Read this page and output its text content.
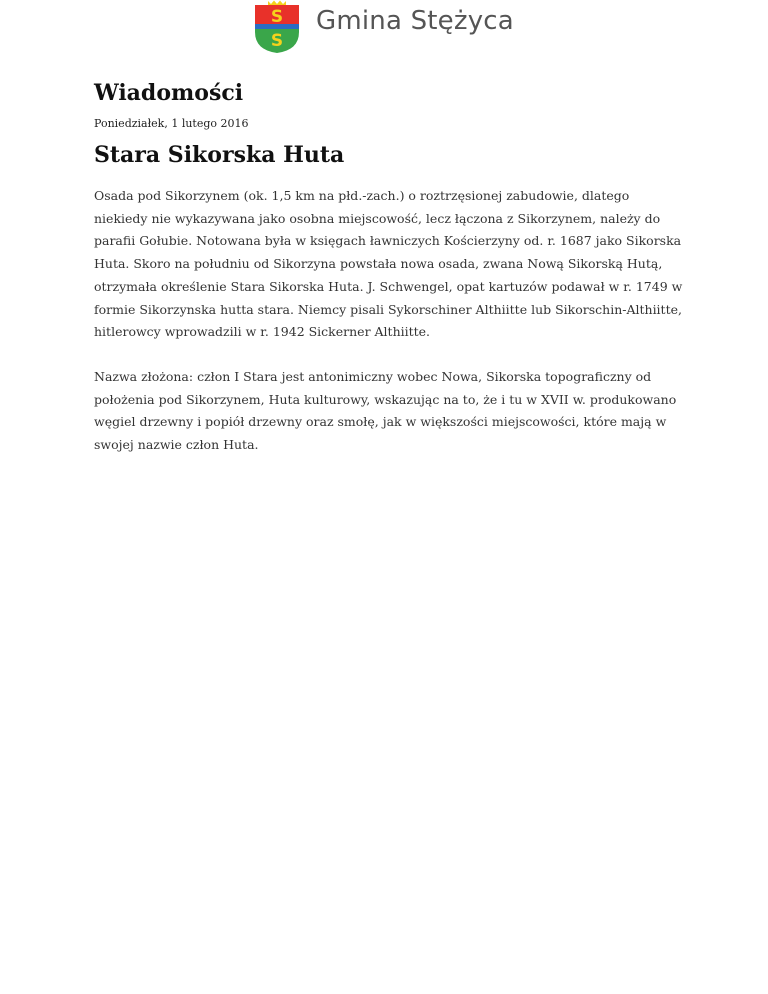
S
S
Gmina Stężyca
Wiadomości
Poniedziałek, 1 lutego 2016
Stara Sikorska Huta

Osada pod Sikorzynem (ok. 1,5 km na płd.-zach.) o roztrzęsionej zabudowie, dlatego niekiedy nie wykazywana jako osobna miejscowość, lecz łączona z Sikorzynem, należy do parafii Gołubie. Notowana była w księgach ławniczych Kościerzyny od. r. 1687 jako Sikorska Huta. Skoro na południu od Sikorzyna powstała nowa osada, zwana Nową Sikorską Hutą, otrzymała określenie Stara Sikorska Huta. J. Schwengel, opat kartuzów podawał w r. 1749 w formie Sikorzynska hutta stara. Niemcy pisali Sykorschiner Althiitte lub Sikorschin-Althiitte, hitlerowcy wprowadzili w r. 1942 Sickerner Althiitte.

Nazwa złożona: człon I Stara jest antonimiczny wobec Nowa, Sikorska topograficzny od położenia pod Sikorzynem, Huta kulturowy, wskazując na to, że i tu w XVII w. produkowano węgiel drzewny i popiół drzewny oraz smołę, jak w większości miejscowości, które mają w swojej nazwie człon Huta.
